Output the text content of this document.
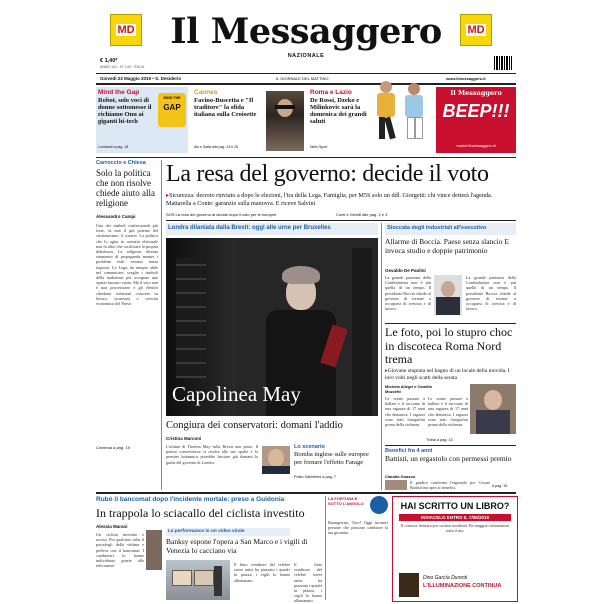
MD	MD
Il Messaggero
NAZIONALE
€ 1,40*
ANNO 141 - N° 140 · ITALIA
Giovedì 23 Maggio 2019 • S. Desiderio	IL GIORNALE DEL MATTINO	www.ilmessaggero.it
Mind the Gap
Robot, solo voci di donne sottomesse il richiamo Onu ai giganti hi-tech
Lombardi a pag. 18
MIND THE
GAP
Cannes
Favino-Buscetta e "Il traditore" la sfida italiana sulla Croisette
Ale e Satta alle pag. 24 e 25
Roma e Lazio
De Rossi, Dzeko e Milinkovic sarà la domenica dei grandi saluti
Nello Sport
Il Messaggero
BEEP!!!
motori.ilmessaggero.it
Carroccio e Chiesa
Solo la politica che non risolve chiede aiuto alla religione
Alessandro Campi
Uno dei simboli confessionali più forte, se non il più potente del cristianesimo: il rosario. La politica che lo agita in comizio elettorale non fa altro che certificare la propria debolezza. La religione diventa strumento di propaganda mentre i problemi reali restano senza risposta. La Lega, da sempre abile nel comunicare, sceglie i simboli della tradizione per occupare uno spazio lasciato vuoto. Ma il voto non è una processione e gli elettori chiedono soluzioni concrete su lavoro, sicurezza e crescita economica del Paese.
Continua a pag. 19
La resa del governo: decide il voto
▸Sicurezza: decreto rinviato a dopo le elezioni, l'ira della Lega. Famiglia, per M5S solo un ddl. Giorgetti: chi vince detterà l'agenda. Mattarella a Conte: garanzie sulla manovra. E riceve Salvini
SOS La resa del governo ai decide dopo il voto per le europee	Conti e Gentili alle pag. 2 e 3
Londra dilaniata dalla Brexit: oggi alle urne per Bruxelles
Capolinea May
Congiura dei conservatori: domani l'addio
Cristina Marconi
L'ultima di Theresa May sulla Brexit non piace. Il partito conservatore si rivolta alle sue spalle e la premier britannica potrebbe lasciare già domani la guida del governo di Londra.
Lo scenario
Bomba inglese sulle europee per frenare l'effetto Farage
Polito Salimbeni a pag. 7
Stoccata degli industriali all'esecutivo
Allarme di Boccia. Paese senza slancio E invoca studio e doppie patrimonio
Osvaldo De Paolini
La grande pazienza della Confindustria non è più quella di un tempo. Il presidente Boccia chiede al governo di tornare a occuparsi di crescita e di lavoro.
La grande pazienza della Confindustria non è più quella di un tempo. Il presidente Boccia chiede al governo di tornare a occuparsi di crescita e di lavoro.
Le foto, poi lo stupro choc in discoteca Roma Nord trema
▸Giovane stuprata nel bagno di un locale della movida. I loro volti negli scatti della serata
Michela Allegri e Camilla Mozzetti
Le serate passate a ballare e il racconto di una ragazza di 17 anni che denuncia. I ragazzi sono stati fotografati prima della violenza.
Le serate passate a ballare e il racconto di una ragazza di 17 anni che denuncia. I ragazzi sono stati fotografati prima della violenza.
Trotta a pag. 13
Benefici fra 4 anni
Battisti, un ergastolo con permessi premio
Claudia Guasco
Il giudice conferma l'ergastolo per Cesare Battisti ma apre ai benefici.	A pag. 15
Rubò il bancomat dopo l'incidente mortale: preso a Guidonia
In trappola lo sciacallo del ciclista investito
Alessia Marani
Un ciclista investito e ucciso. Poi qualcuno ruba il portafogli della vittima e preleva con il bancomat. I carabinieri lo hanno individuato grazie alle telecamere.
La performance in un video virale
Banksy espone l'opera a San Marco e i vigili di Venezia lo cacciano via
Il finto venditore del celebre street artist ha piazzato i quadri in piazza, i vigili lo hanno allontanato.
Il finto venditore del celebre street artist ha piazzato i quadri in piazza, i vigili lo hanno allontanato.
LA FORTUNA E SOTTO L'ANGOLO
Buongiorno, Toro! Oggi incontri persone che possono cambiare la tua giornata.
HAI SCRITTO UN LIBRO?
INVIACELO ENTRO IL 7/06/2019
Il concorso letterario per scrittori esordienti. Per maggiori informazioni visita il sito.
Dino García Durenti
L'ILLUMINAZIONE CONTINUA
